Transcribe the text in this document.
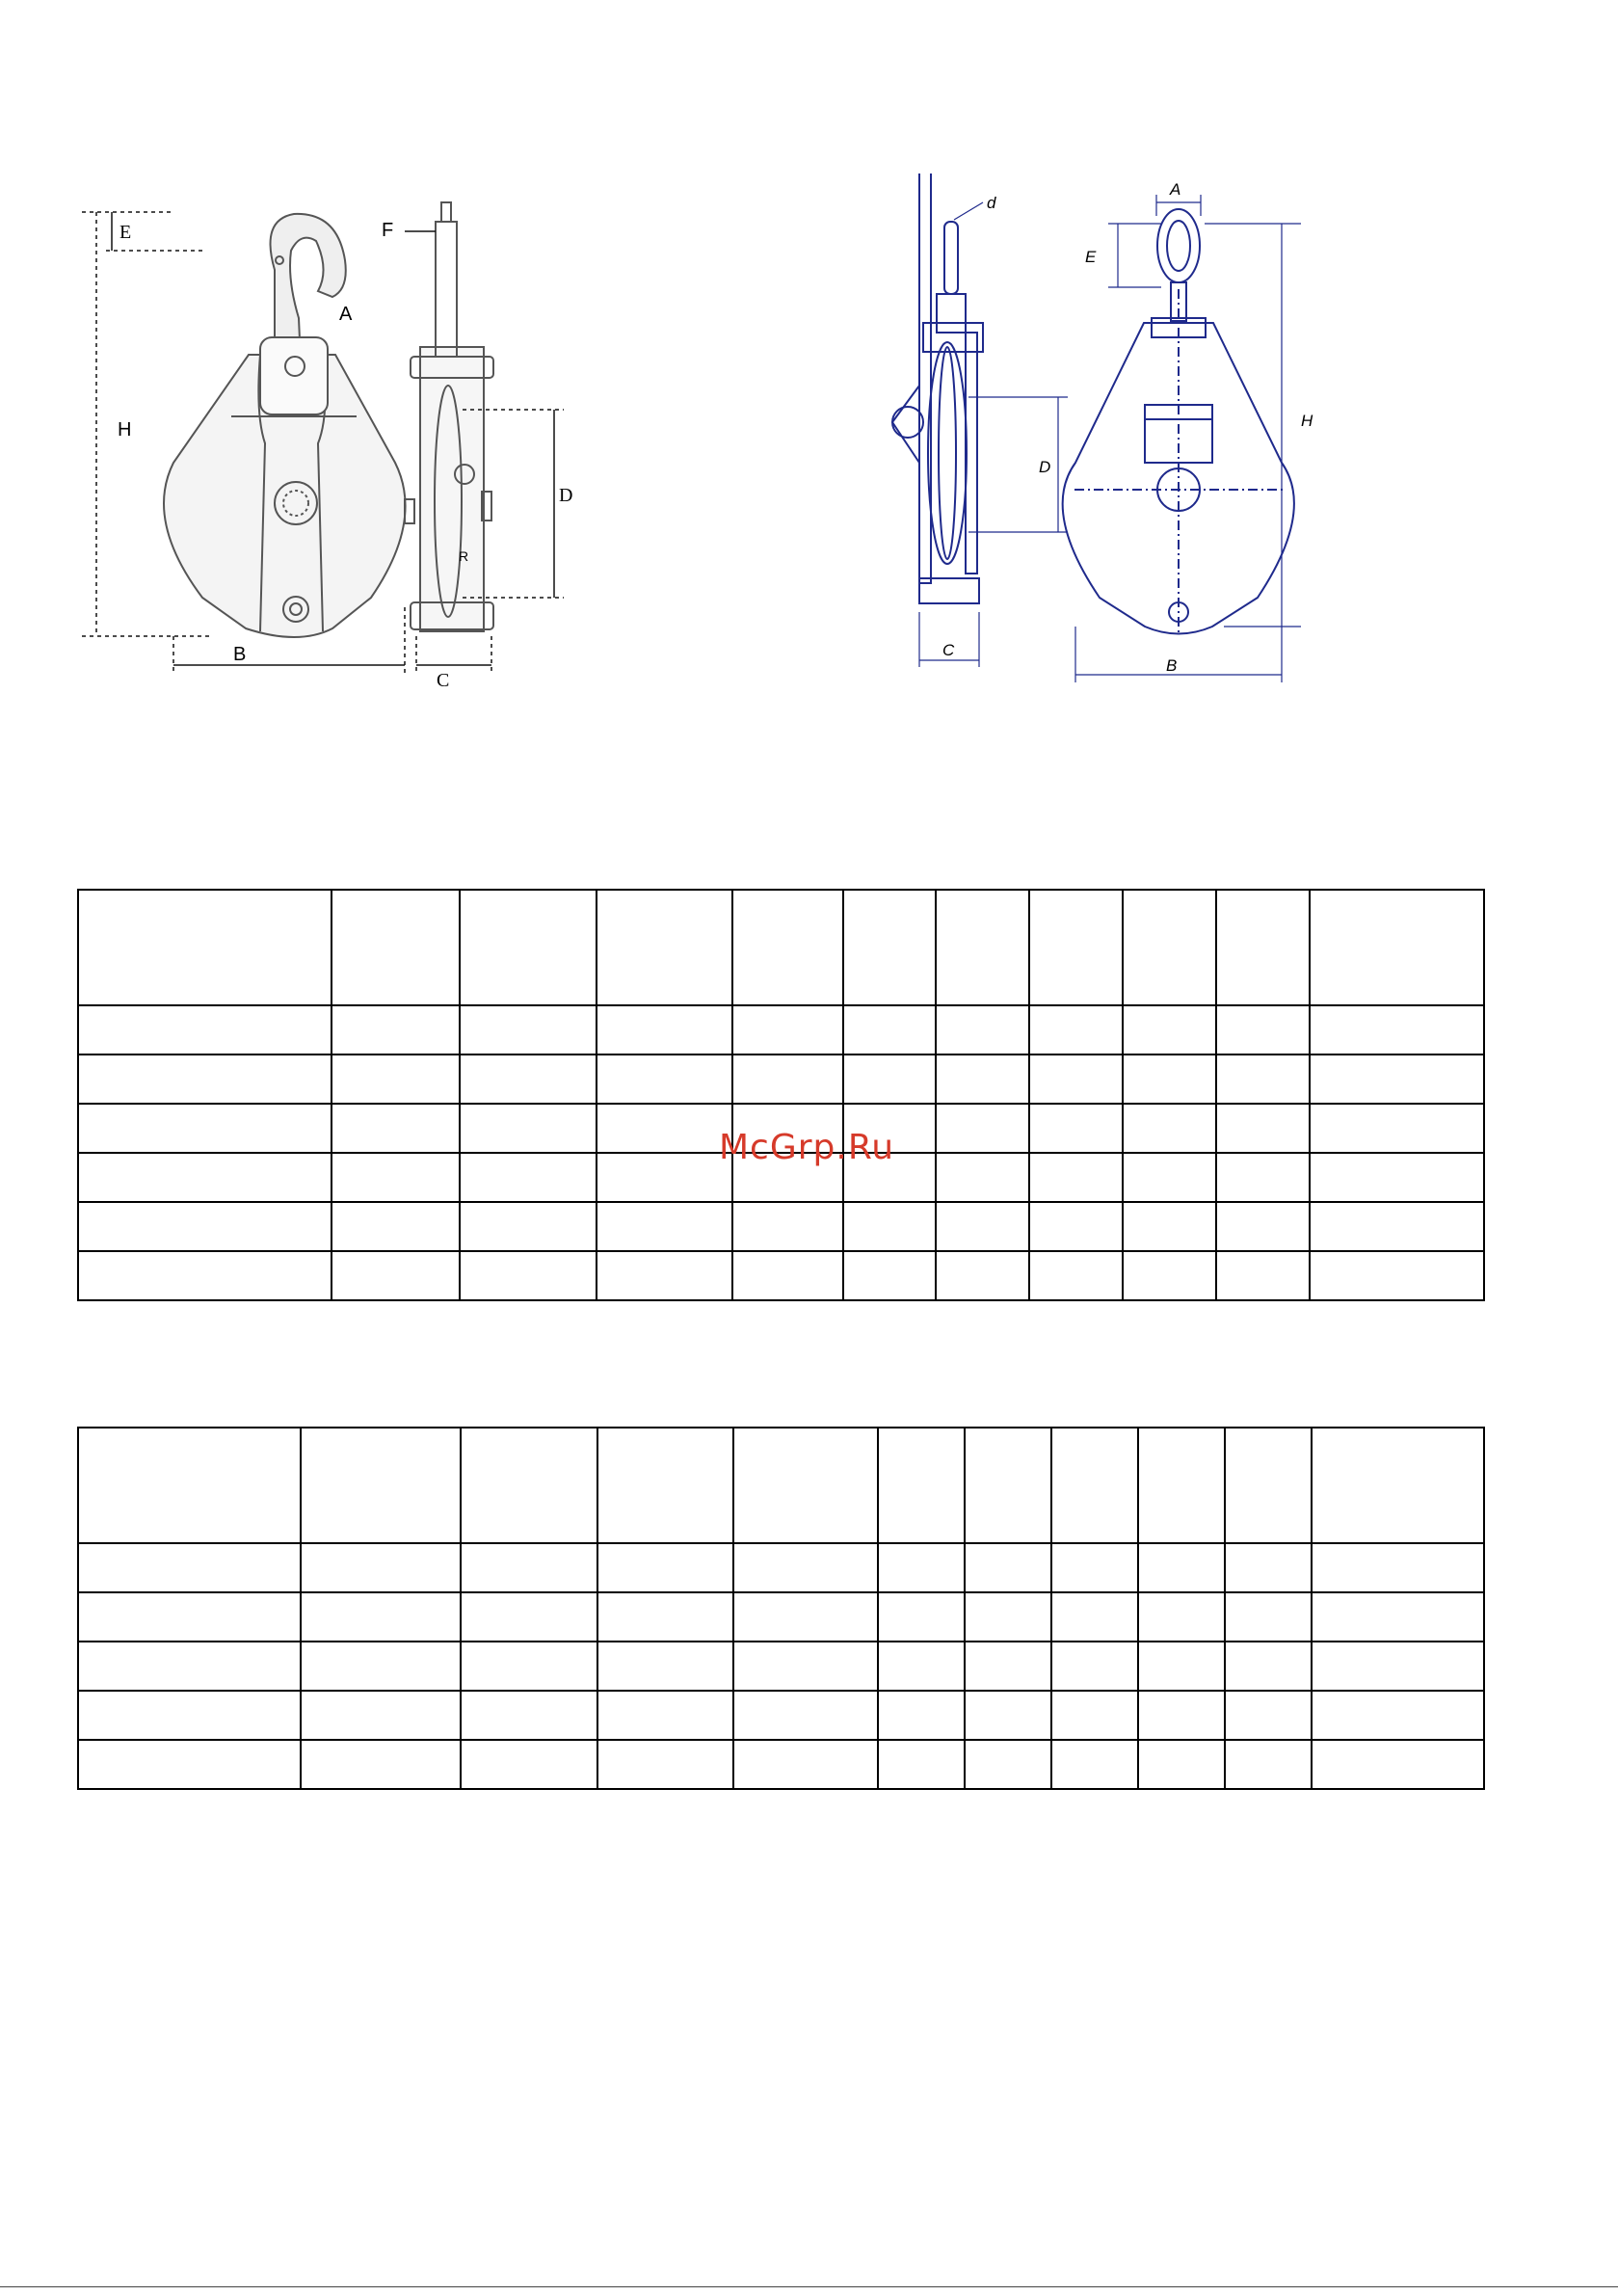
E
A
H
B
F
D
C
R
d
D
C
A
E
H
B

McGrp.Ru
